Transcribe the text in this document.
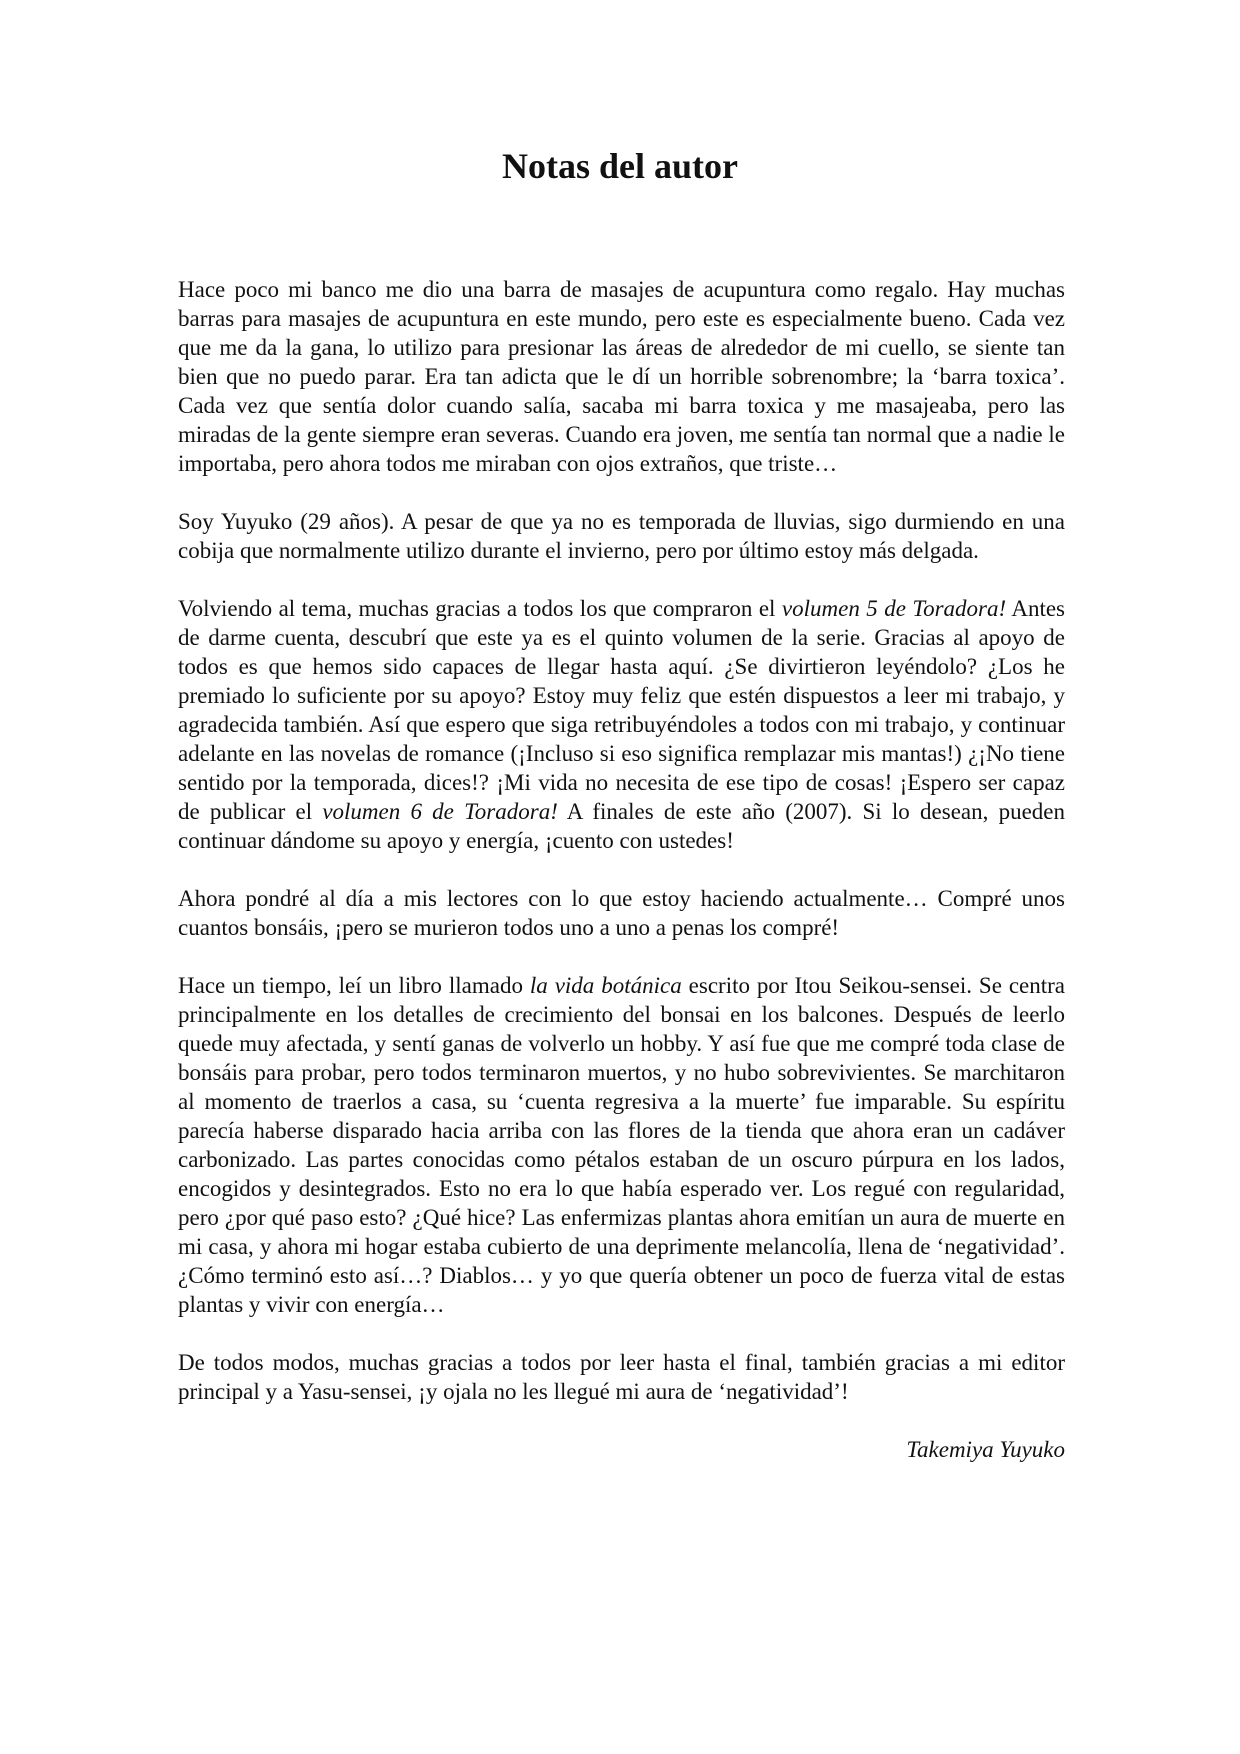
Notas del autor

Hace poco mi banco me dio una barra de masajes de acupuntura como regalo. Hay muchas barras para masajes de acupuntura en este mundo, pero este es especialmente bueno. Cada vez que me da la gana, lo utilizo para presionar las áreas de alrededor de mi cuello, se siente tan bien que no puedo parar. Era tan adicta que le dí un horrible sobrenombre; la ‘barra toxica’. Cada vez que sentía dolor cuando salía, sacaba mi barra toxica y me masajeaba, pero las miradas de la gente siempre eran severas. Cuando era joven, me sentía tan normal que a nadie le importaba, pero ahora todos me miraban con ojos extraños, que triste…

Soy Yuyuko (29 años). A pesar de que ya no es temporada de lluvias, sigo durmiendo en una cobija que normalmente utilizo durante el invierno, pero por último estoy más delgada.

Volviendo al tema, muchas gracias a todos los que compraron el volumen 5 de Toradora! Antes de darme cuenta, descubrí que este ya es el quinto volumen de la serie. Gracias al apoyo de todos es que hemos sido capaces de llegar hasta aquí. ¿Se divirtieron leyéndolo? ¿Los he premiado lo suficiente por su apoyo? Estoy muy feliz que estén dispuestos a leer mi trabajo, y agradecida también. Así que espero que siga retribuyéndoles a todos con mi trabajo, y continuar adelante en las novelas de romance (¡Incluso si eso significa remplazar mis mantas!) ¿¡No tiene sentido por la temporada, dices!? ¡Mi vida no necesita de ese tipo de cosas! ¡Espero ser capaz de publicar el volumen 6 de Toradora! A finales de este año (2007). Si lo desean, pueden continuar dándome su apoyo y energía, ¡cuento con ustedes!

Ahora pondré al día a mis lectores con lo que estoy haciendo actualmente… Compré unos cuantos bonsáis, ¡pero se murieron todos uno a uno a penas los compré!

Hace un tiempo, leí un libro llamado la vida botánica escrito por Itou Seikou-sensei. Se centra principalmente en los detalles de crecimiento del bonsai en los balcones. Después de leerlo quede muy afectada, y sentí ganas de volverlo un hobby. Y así fue que me compré toda clase de bonsáis para probar, pero todos terminaron muertos, y no hubo sobrevivientes. Se marchitaron al momento de traerlos a casa, su ‘cuenta regresiva a la muerte’ fue imparable. Su espíritu parecía haberse disparado hacia arriba con las flores de la tienda que ahora eran un cadáver carbonizado. Las partes conocidas como pétalos estaban de un oscuro púrpura en los lados, encogidos y desintegrados. Esto no era lo que había esperado ver. Los regué con regularidad, pero ¿por qué paso esto? ¿Qué hice? Las enfermizas plantas ahora emitían un aura de muerte en mi casa, y ahora mi hogar estaba cubierto de una deprimente melancolía, llena de ‘negatividad’. ¿Cómo terminó esto así…? Diablos… y yo que quería obtener un poco de fuerza vital de estas plantas y vivir con energía…

De todos modos, muchas gracias a todos por leer hasta el final, también gracias a mi editor principal y a Yasu-sensei, ¡y ojala no les llegué mi aura de ‘negatividad’!

Takemiya Yuyuko
